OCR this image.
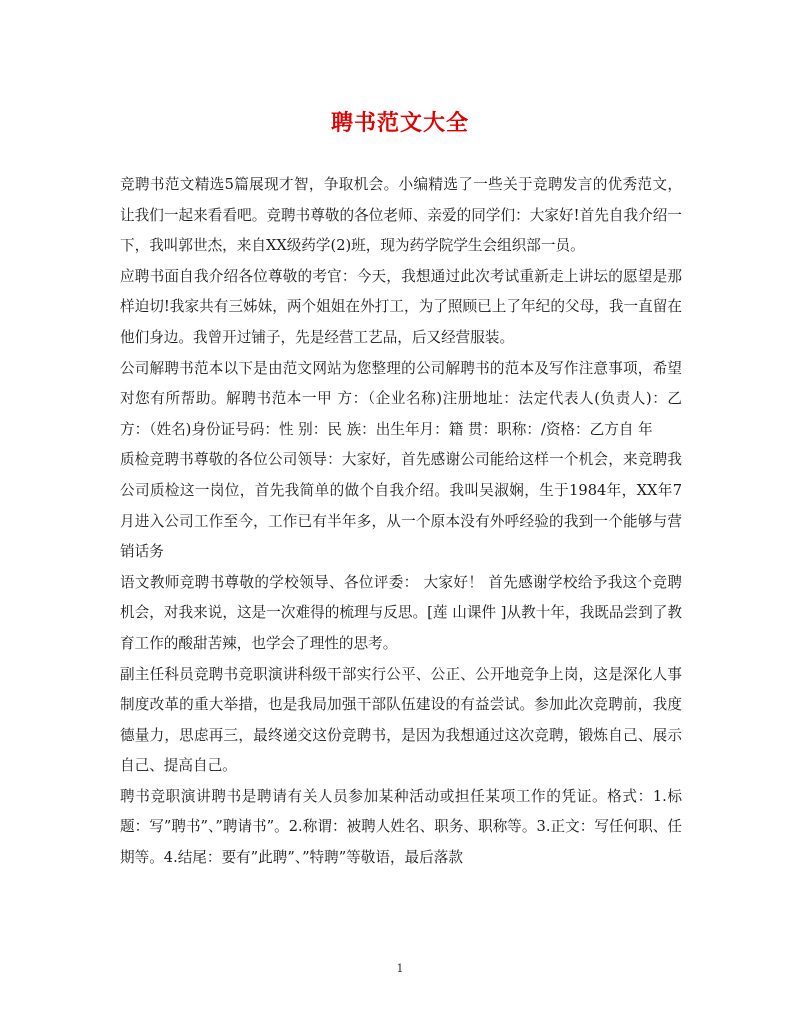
聘书范文大全

竞聘书范文精选5篇展现才智，争取机会。小编精选了一些关于竞聘发言的优秀范文，让我们一起来看看吧。竞聘书尊敬的各位老师、亲爱的同学们：大家好!首先自我介绍一下，我叫郭世杰，来自XX级药学(2)班，现为药学院学生会组织部一员。

应聘书面自我介绍各位尊敬的考官：今天，我想通过此次考试重新走上讲坛的愿望是那样迫切!我家共有三姊妹，两个姐姐在外打工，为了照顾已上了年纪的父母，我一直留在他们身边。我曾开过铺子，先是经营工艺品，后又经营服装。

公司解聘书范本以下是由范文网站为您整理的公司解聘书的范本及写作注意事项，希望对您有所帮助。解聘书范本一甲 方：（企业名称)注册地址：法定代表人(负责人)：乙 方：（姓名)身份证号码：性 别：民 族：出生年月：籍 贯：职称：/资格：乙方自 年

质检竞聘书尊敬的各位公司领导：大家好，首先感谢公司能给这样一个机会，来竞聘我公司质检这一岗位，首先我简单的做个自我介绍。我叫吴淑娴，生于1984年，XX年7月进入公司工作至今，工作已有半年多，从一个原本没有外呼经验的我到一个能够与营销话务

语文教师竞聘书尊敬的学校领导、各位评委： 大家好！ 首先感谢学校给予我这个竞聘机会，对我来说，这是一次难得的梳理与反思。[莲 山课件 ]从教十年，我既品尝到了教育工作的酸甜苦辣，也学会了理性的思考。

副主任科员竞聘书竞职演讲科级干部实行公平、公正、公开地竞争上岗，这是深化人事制度改革的重大举措，也是我局加强干部队伍建设的有益尝试。参加此次竞聘前，我度德量力，思虑再三，最终递交这份竞聘书，是因为我想通过这次竞聘，锻炼自己、展示自己、提高自己。

聘书竞职演讲聘书是聘请有关人员参加某种活动或担任某项工作的凭证。格式：1.标题：写”聘书”、”聘请书”。2.称谓：被聘人姓名、职务、职称等。3.正文：写任何职、任期等。4.结尾：要有”此聘”、”特聘”等敬语，最后落款

1
